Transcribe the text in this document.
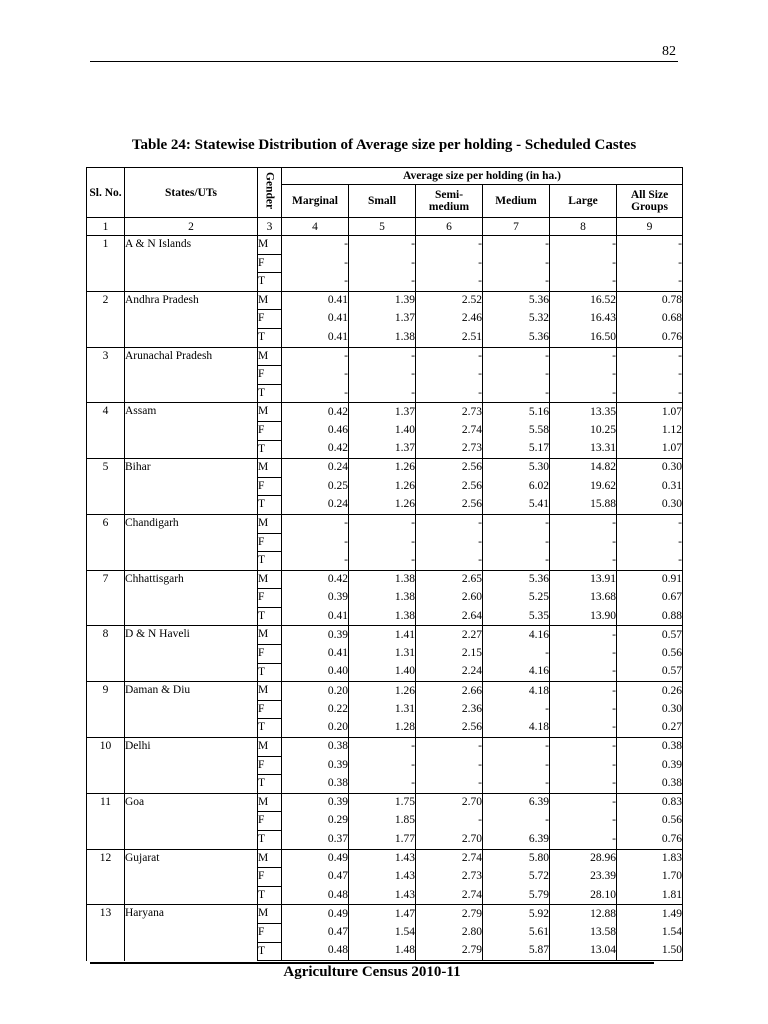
82
Table 24: Statewise Distribution of Average size per holding - Scheduled Castes
Sl. No.	States/UTs	Gender	Average size per holding (in ha.)					
			Marginal	Small	Semi-medium	Medium	Large	All Size Groups
1	2	3	4	5	6	7	8	9
1	A & N Islands	M	-	-	-	-	-	-
		F	-	-	-	-	-	-
		T	-	-	-	-	-	-
2	Andhra Pradesh	M	0.41	1.39	2.52	5.36	16.52	0.78
		F	0.41	1.37	2.46	5.32	16.43	0.68
		T	0.41	1.38	2.51	5.36	16.50	0.76
3	Arunachal Pradesh	M	-	-	-	-	-	-
		F	-	-	-	-	-	-
		T	-	-	-	-	-	-
4	Assam	M	0.42	1.37	2.73	5.16	13.35	1.07
		F	0.46	1.40	2.74	5.58	10.25	1.12
		T	0.42	1.37	2.73	5.17	13.31	1.07
5	Bihar	M	0.24	1.26	2.56	5.30	14.82	0.30
		F	0.25	1.26	2.56	6.02	19.62	0.31
		T	0.24	1.26	2.56	5.41	15.88	0.30
6	Chandigarh	M	-	-	-	-	-	-
		F	-	-	-	-	-	-
		T	-	-	-	-	-	-
7	Chhattisgarh	M	0.42	1.38	2.65	5.36	13.91	0.91
		F	0.39	1.38	2.60	5.25	13.68	0.67
		T	0.41	1.38	2.64	5.35	13.90	0.88
8	D & N Haveli	M	0.39	1.41	2.27	4.16	-	0.57
		F	0.41	1.31	2.15	-	-	0.56
		T	0.40	1.40	2.24	4.16	-	0.57
9	Daman & Diu	M	0.20	1.26	2.66	4.18	-	0.26
		F	0.22	1.31	2.36	-	-	0.30
		T	0.20	1.28	2.56	4.18	-	0.27
10	Delhi	M	0.38	-	-	-	-	0.38
		F	0.39	-	-	-	-	0.39
		T	0.38	-	-	-	-	0.38
11	Goa	M	0.39	1.75	2.70	6.39	-	0.83
		F	0.29	1.85	-	-	-	0.56
		T	0.37	1.77	2.70	6.39	-	0.76
12	Gujarat	M	0.49	1.43	2.74	5.80	28.96	1.83
		F	0.47	1.43	2.73	5.72	23.39	1.70
		T	0.48	1.43	2.74	5.79	28.10	1.81
13	Haryana	M	0.49	1.47	2.79	5.92	12.88	1.49
		F	0.47	1.54	2.80	5.61	13.58	1.54
		T	0.48	1.48	2.79	5.87	13.04	1.50
Agriculture Census 2010-11
